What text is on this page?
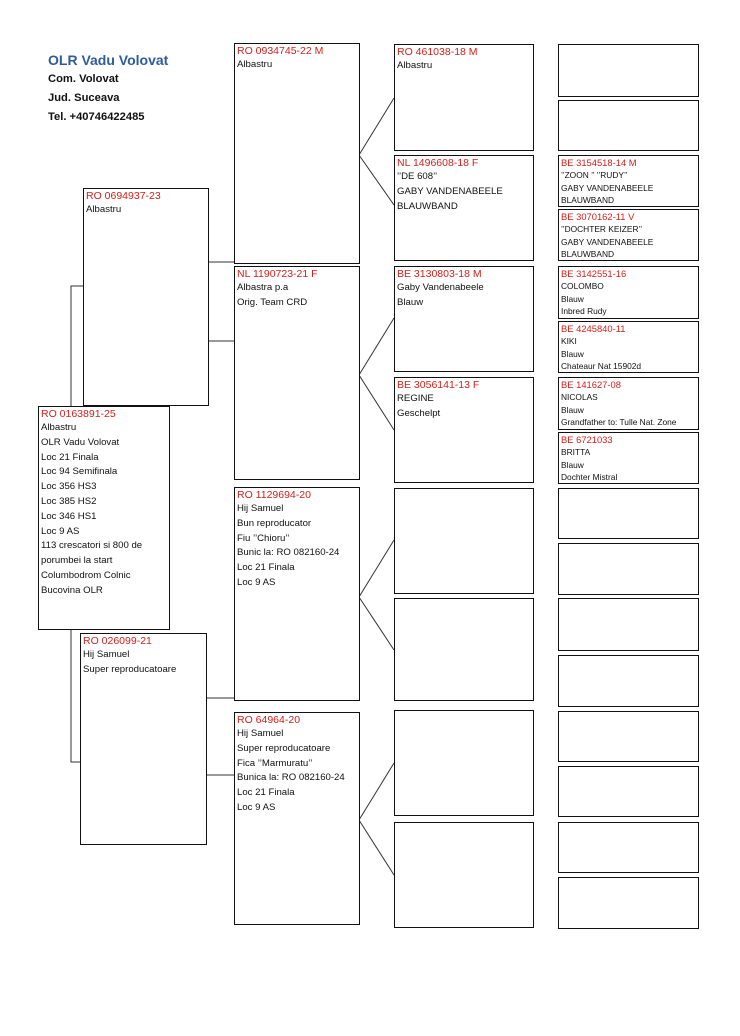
OLR Vadu Volovat
Com. Volovat
Jud. Suceava
Tel. +40746422485
RO 0163891-25
Albastru
OLR Vadu Volovat
Loc 21 Finala
Loc 94 Semifinala
Loc 356 HS3
Loc 385 HS2
Loc 346 HS1
Loc 9 AS
113 crescatori si 800 de
porumbei la start
Columbodrom Colnic
Bucovina OLR
RO 0694937-23
Albastru
RO 026099-21
Hij Samuel
Super reproducatoare
RO 0934745-22 M
Albastru
NL 1190723-21 F
Albastra p.a
Orig. Team CRD
RO 1129694-20
Hij Samuel
Bun reproducator
Fiu ’’Chioru’’
Bunic la: RO 082160-24
Loc 21 Finala
Loc 9 AS
RO 64964-20
Hij Samuel
Super reproducatoare
Fica ’’Marmuratu’’
Bunica la: RO 082160-24
Loc 21 Finala
Loc 9 AS
RO 461038-18 M
Albastru
NL 1496608-18 F
’’DE 608’’
GABY VANDENABEELE
BLAUWBAND
BE 3130803-18 M
Gaby Vandenabeele
Blauw
BE 3056141-13 F
REGINE
Geschelpt
BE 3154518-14 M
’’ZOON ’’ ’’RUDY’’
GABY VANDENABEELE
BLAUWBAND
BE 3070162-11 V
’’DOCHTER KEIZER’’
GABY VANDENABEELE
BLAUWBAND
BE 3142551-16
COLOMBO
Blauw
Inbred Rudy
BE 4245840-11
KIKI
Blauw
Chateaur Nat 15902d
BE 141627-08
NICOLAS
Blauw
Grandfather to: Tulle Nat. Zone
BE 6721033
BRITTA
Blauw
Dochter Mistral
